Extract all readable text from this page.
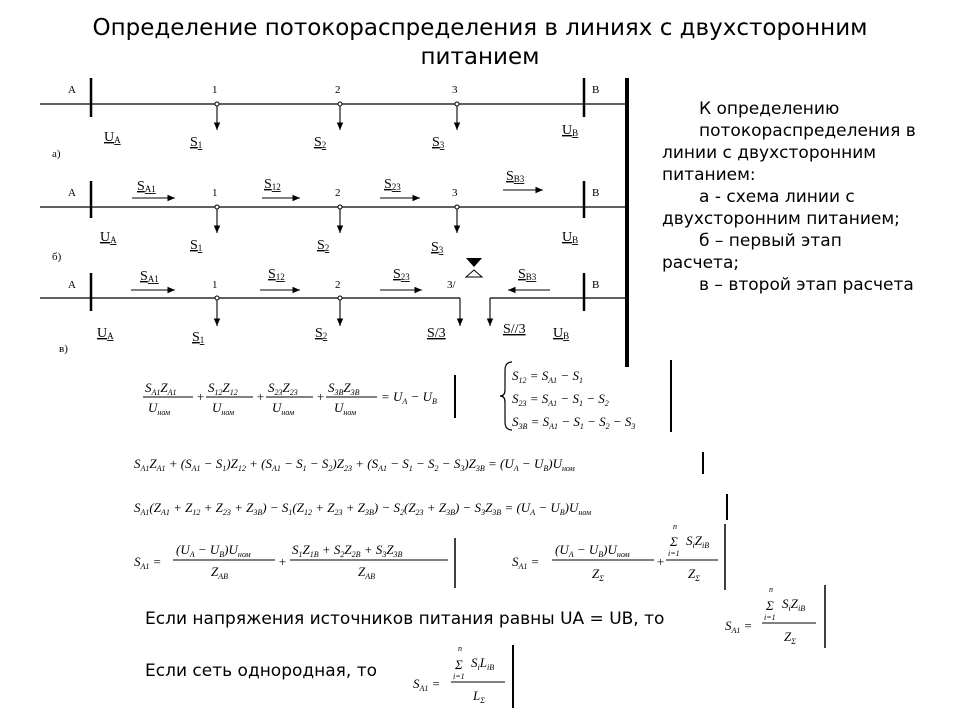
Определение потокораспределения в линиях с двухсторонним
питанием
К определению
потокораспределения в
линии с двухсторонним
питанием:
а - схема линии с
двухсторонним питанием;
б – первый этап
расчета;
в – второй этап расчета
А	В
1	2	3
а)
UA
UB
S1	S2	S3
А	В
1	2	3
б)
SA1	S12	S23
SB3
UA	UB
S1	S2	S3
А	В
1	2	3/
в)
SA1	S12	S23	SB3
UA	UB
S1	S2	S/3	S//3
$S_{A1}Z_{A1}$
$U_{ном}$
+
$S_{12}Z_{12}$
$U_{ном}$
+
$S_{23}Z_{23}$
$U_{ном}$
+
$S_{3B}Z_{3B}$
$U_{ном}$
= $U_A - U_B$
$S_{12} = S_{A1} - S_1$
$S_{23} = S_{A1} - S_1 - S_2$
$S_{3B} = S_{A1} - S_1 - S_2 - S_3$
$S_{A1}Z_{A1} + (S_{A1} - S_1)Z_{12} + (S_{A1} - S_1 - S_2)Z_{23} + (S_{A1} - S_1 - S_2 - S_3)Z_{3B} = (U_A - U_B)U_{ном}$
$S_{A1}(Z_{A1} + Z_{12} + Z_{23} + Z_{3B}) - S_1(Z_{12} + Z_{23} + Z_{3B}) - S_2(Z_{23} + Z_{3B}) - S_3Z_{3B} = (U_A - U_B)U_{ном}$
$S_{A1}$ =
$(U_A - U_B)U_{ном}$
$Z_{AB}$
+
$S_1Z_{1B} + S_2Z_{2B} + S_3Z_{3B}$
$Z_{AB}$
$S_{A1}$ =
$(U_A - U_B)U_{ном}$
$Z_\Sigma$
+
Σ
n
i=1
$S_iZ_{iB}$
$Z_\Sigma$
$S_{A1}$ =
Σ
n
i=1
$S_iZ_{iB}$
$Z_\Sigma$
$S_{A1}$ =
Σ
n
i=1
$S_iL_{iB}$
$L_\Sigma$
Если напряжения источников питания равны UA = UB, то
Если сеть однородная, то
